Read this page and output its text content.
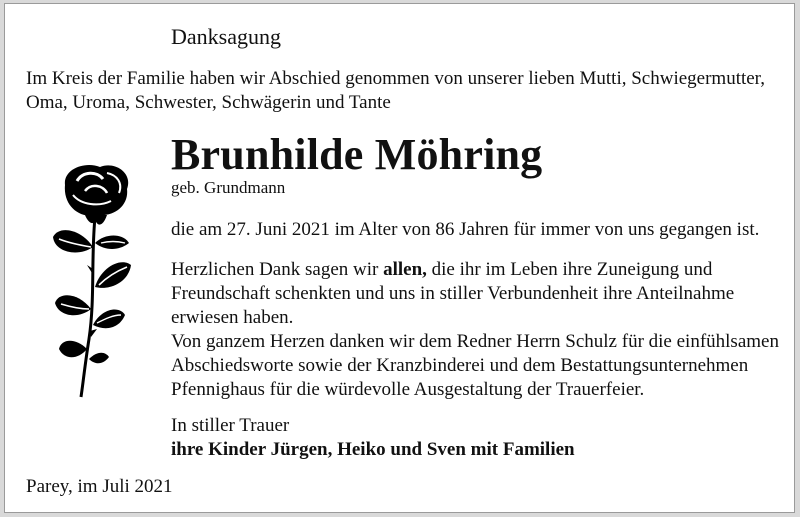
Danksagung
Im Kreis der Familie haben wir Abschied genommen von unserer lieben Mutti, Schwiegermutter, Oma, Uroma, Schwester, Schwägerin und Tante
Brunhilde Möhring
geb. Grundmann
die am 27. Juni 2021 im Alter von 86 Jahren für immer von uns gegangen ist.

Herzlichen Dank sagen wir allen, die ihr im Leben ihre Zuneigung und Freundschaft schenkten und uns in stiller Verbundenheit ihre Anteilnahme erwiesen haben.

Von ganzem Herzen danken wir dem Redner Herrn Schulz für die einfühlsamen Abschiedsworte sowie der Kranzbinderei und dem Bestattungsunternehmen Pfennighaus für die würdevolle Ausgestaltung der Trauerfeier.

In stiller Trauer
ihre Kinder Jürgen, Heiko und Sven mit Familien
Parey, im Juli 2021
